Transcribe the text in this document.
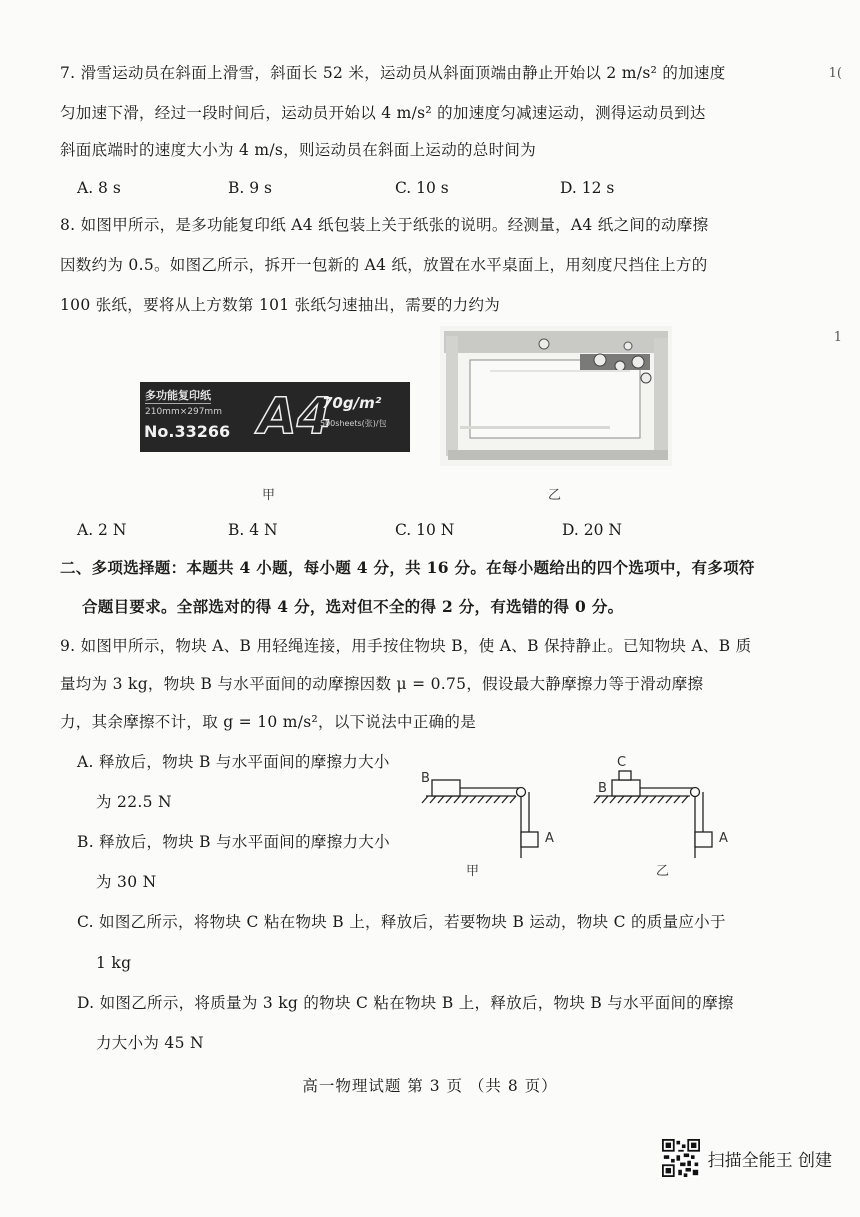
7. 滑雪运动员在斜面上滑雪，斜面长 52 米，运动员从斜面顶端由静止开始以 2 m/s² 的加速度
匀加速下滑，经过一段时间后，运动员开始以 4 m/s² 的加速度匀减速运动，测得运动员到达
斜面底端时的速度大小为 4 m/s，则运动员在斜面上运动的总时间为
A. 8 s	B. 9 s	C. 10 s	D. 12 s
1(
1
8. 如图甲所示，是多功能复印纸 A4 纸包装上关于纸张的说明。经测量，A4 纸之间的动摩擦
因数约为 0.5。如图乙所示，拆开一包新的 A4 纸，放置在水平桌面上，用刻度尺挡住上方的
100 张纸，要将从上方数第 101 张纸匀速抽出，需要的力约为
多功能复印纸
210mm×297mm
No.33266 A4
70g/m²
500sheets(张)/包
甲	乙
A. 2 N	B. 4 N	C. 10 N	D. 20 N
二、多项选择题：本题共 4 小题，每小题 4 分，共 16 分。在每小题给出的四个选项中，有多项符
合题目要求。全部选对的得 4 分，选对但不全的得 2 分，有选错的得 0 分。
9. 如图甲所示，物块 A、B 用轻绳连接，用手按住物块 B，使 A、B 保持静止。已知物块 A、B 质
量均为 3 kg，物块 B 与水平面间的动摩擦因数 μ = 0.75，假设最大静摩擦力等于滑动摩擦
力，其余摩擦不计，取 g = 10 m/s²，以下说法中正确的是
A. 释放后，物块 B 与水平面间的摩擦力大小
为 22.5 N
B. 释放后，物块 B 与水平面间的摩擦力大小
为 30 N
C. 如图乙所示，将物块 C 粘在物块 B 上，释放后，若要物块 B 运动，物块 C 的质量应小于
1 kg
D. 如图乙所示，将质量为 3 kg 的物块 C 粘在物块 B 上，释放后，物块 B 与水平面间的摩擦
力大小为 45 N
B
A
甲
C
B
A
乙
高一物理试题 第 3 页 （共 8 页）
扫描全能王 创建
